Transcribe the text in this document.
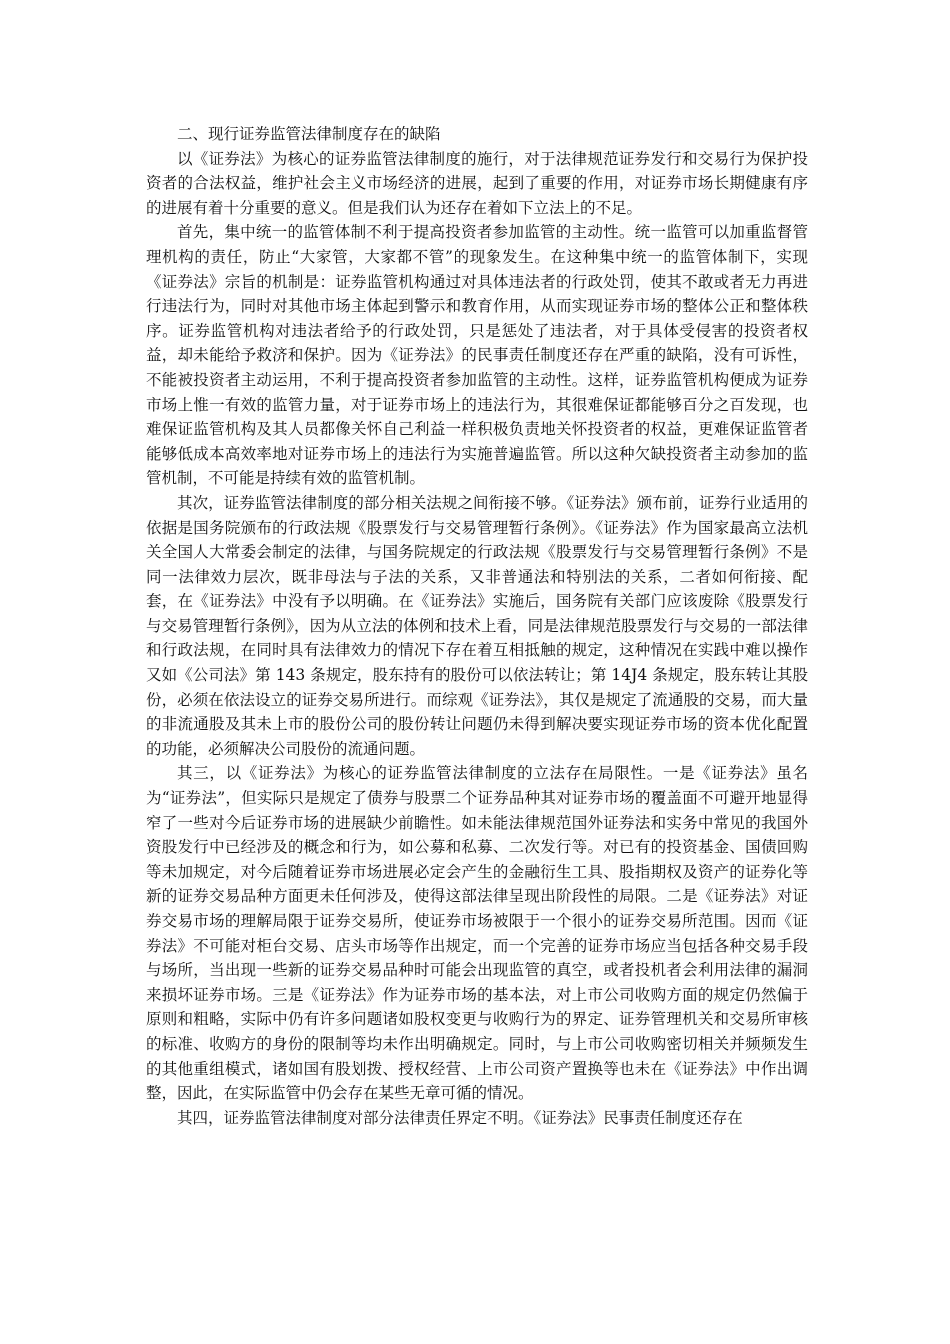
二、现行证券监管法律制度存在的缺陷

以《证券法》为核心的证券监管法律制度的施行，对于法律规范证券发行和交易行为保护投资者的合法权益，维护社会主义市场经济的进展，起到了重要的作用，对证券市场长期健康有序的进展有着十分重要的意义。但是我们认为还存在着如下立法上的不足。

首先，集中统一的监管体制不利于提高投资者参加监管的主动性。统一监管可以加重监督管理机构的责任，防止“大家管，大家都不管”的现象发生。在这种集中统一的监管体制下，实现《证券法》宗旨的机制是：证券监管机构通过对具体违法者的行政处罚，使其不敢或者无力再进行违法行为，同时对其他市场主体起到警示和教育作用，从而实现证券市场的整体公正和整体秩序。证券监管机构对违法者给予的行政处罚，只是惩处了违法者，对于具体受侵害的投资者权益，却未能给予救济和保护。因为《证券法》的民事责任制度还存在严重的缺陷，没有可诉性，不能被投资者主动运用，不利于提高投资者参加监管的主动性。这样，证券监管机构便成为证券市场上惟一有效的监管力量，对于证券市场上的违法行为，其很难保证都能够百分之百发现，也难保证监管机构及其人员都像关怀自己利益一样积极负责地关怀投资者的权益，更难保证监管者能够低成本高效率地对证券市场上的违法行为实施普遍监管。所以这种欠缺投资者主动参加的监管机制，不可能是持续有效的监管机制。

其次，证券监管法律制度的部分相关法规之间衔接不够。《证券法》颁布前，证券行业适用的依据是国务院颁布的行政法规《股票发行与交易管理暂行条例》。《证券法》作为国家最高立法机关全国人大常委会制定的法律，与国务院规定的行政法规《股票发行与交易管理暂行条例》不是同一法律效力层次，既非母法与子法的关系，又非普通法和特别法的关系，二者如何衔接、配套，在《证券法》中没有予以明确。在《证券法》实施后，国务院有关部门应该废除《股票发行与交易管理暂行条例》，因为从立法的体例和技术上看，同是法律规范股票发行与交易的一部法律和行政法规，在同时具有法律效力的情况下存在着互相抵触的规定，这种情况在实践中难以操作又如《公司法》第 143 条规定，股东持有的股份可以依法转让；第 14J4 条规定，股东转让其股份，必须在依法设立的证券交易所进行。而综观《证券法》，其仅是规定了流通股的交易，而大量的非流通股及其未上市的股份公司的股份转让问题仍未得到解决要实现证券市场的资本优化配置的功能，必须解决公司股份的流通问题。

其三，以《证券法》为核心的证券监管法律制度的立法存在局限性。一是《证券法》虽名为“证券法”，但实际只是规定了债券与股票二个证券品种其对证券市场的覆盖面不可避开地显得窄了一些对今后证券市场的进展缺少前瞻性。如未能法律规范国外证券法和实务中常见的我国外资股发行中已经涉及的概念和行为，如公募和私募、二次发行等。对已有的投资基金、国债回购等未加规定，对今后随着证券市场进展必定会产生的金融衍生工具、股指期权及资产的证券化等新的证券交易品种方面更未任何涉及，使得这部法律呈现出阶段性的局限。二是《证券法》对证券交易市场的理解局限于证券交易所，使证券市场被限于一个很小的证券交易所范围。因而《证券法》不可能对柜台交易、店头市场等作出规定，而一个完善的证券市场应当包括各种交易手段与场所，当出现一些新的证券交易品种时可能会出现监管的真空，或者投机者会利用法律的漏洞来损坏证券市场。三是《证券法》作为证券市场的基本法，对上市公司收购方面的规定仍然偏于原则和粗略，实际中仍有许多问题诸如股权变更与收购行为的界定、证券管理机关和交易所审核的标准、收购方的身份的限制等均未作出明确规定。同时，与上市公司收购密切相关并频频发生的其他重组模式，诸如国有股划拨、授权经营、上市公司资产置换等也未在《证券法》中作出调整，因此，在实际监管中仍会存在某些无章可循的情况。

其四，证券监管法律制度对部分法律责任界定不明。《证券法》民事责任制度还存在
